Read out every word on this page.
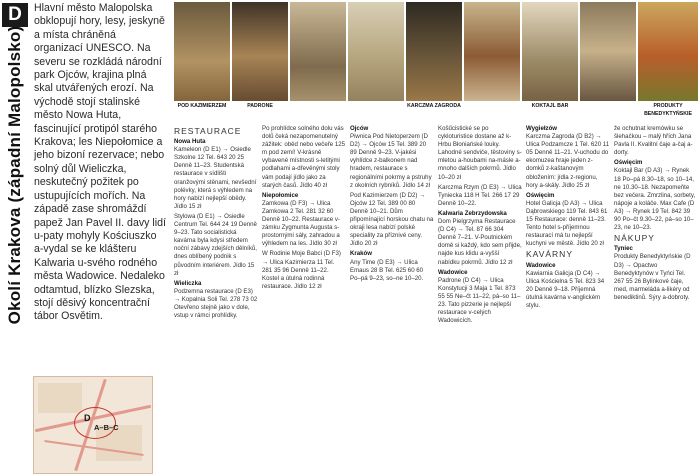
D
Okolí Krakova (západní Malopolsko)

Hlavní město Malopolska obklopují hory, lesy, jeskyně a místa chráněná organizací UNESCO. Na severu se rozkládá národní park Ojców, krajina plná skal utvářených erozí. Na východě stojí stalinské město Nowa Huta, fascinující protipól starého Krakova; les Niepołomice a jeho bizoní rezervace; nebo solný důl Wieliczka, neskutečný požitek po ustupujících mořích. Na západě zase shromáždí papež Jan Pavel II. davy lidí u-paty mohyly Kościuszko a-vydal se ke klášteru Kalwaria u-svého rodného města Wadowice. Nedaleko odtamtud, blízko Slezska, stojí děsivý koncentrační tábor Osvětim.

D
A–B–C
POD KAZIMIERZEM	PADRONE	KARCZMA ZAGRODA	KOKTAJL BAR	PRODUKTY BENEDYKTYŃSKIE
RESTAURACE

Nowa Huta
Kameleon (D E1) → Osiedle Szkolne 12 Tel. 643 20 25 Denně 11–23. Studentská restaurace v sídlišti oranžovými stěnami, nevšední polévky, která s výhledem na hory nabízí nejlepší obědy. Jídlo 15 zł

Stylowa (D E1) → Osiedle Centrum Tel. 644 24 19 Denně 9–23. Tato socialistická kavárna byla kdysi středem noční zábavy zdejších dělníků, dnes oblíbený podnik s původním interiérem. Jídlo 15 zł

Wieliczka
Podzemna restaurace (D E3) → Kopalnia Soli Tel. 278 73 02 Otevřeno stejně jako v dole, vstup v rámci prohlídky.

Po prohlídce solného dolu vás dolů čeká nezapomenutelný zážitek: oběd nebo večeře 125 m pod zemí! V-krásně vybavené místnosti s-letitými podlahami a-dřevěnými stoly vám podají jídlo jako za starých časů. Jídlo 40 zł

Niepołomice
Zamkowa (D F3) → Ulica Zamkowa 2 Tel. 281 32 60 Denně 10–22. Restaurace v-zámku Zygmunta Augusta s-prostornými sály, zahradou a výhledem na les. Jídlo 30 zł

W Rodinie Moje Babci (D F3) → Ulica Kazimierza 11 Tel. 281 35 96 Denně 11–22. Kostel a útulná rodinná restaurace. Jídlo 12 zł

Ojców
Piwnica Pod Nietoperzem (D D2) → Ojców 15 Tel. 389 20 89 Denně 9–23. V-jakési vyhlídce z-balkonem nad hradem, restaurace s regionálními pokrmy a pstruhy z okolních rybníků. Jídlo 14 zł

Pod Kazimierzem (D D2) → Ojców 12 Tel. 389 00 80 Denně 10–21. Dům připomínající horskou chatu na okraji lesa nabízí polské speciality za příznivé ceny. Jídlo 20 zł

Kraków
Any Time (D E3) → Ulica Emaus 28 B Tel. 625 60 60 Po–pá 9–23, so–ne 10–20.

Košűcistické se po cykloturistice dostane až k-Hrbu Błoniańské louky. Lahodné sendviče, těstoviny s-mletou a-houbami na-másle a-mnoho dalších pokrmů. Jídlo 10–20 zł

Karczma Rzym (D E3) → Ulica Tyniecka 118 H Tel. 266 17 29 Denně 10–22.

Kalwaria Zebrzydowska
Dom Pielgrzyma Restaurace (D C4) → Tel. 87 66 304 Denně 7–21. V-Poutnickém domě si každý, kdo sem přijde, najde kus klidu a-vyšší nabídku pokrmů. Jídlo 12 zł

Wadowice
Padrone (D C4) → Ulica Konstytucji 3 Maja 1 Tel. 873 55 55 Ne–čt 11–22, pá–so 11–23. Tato pizzerie je nejlepší restaurace v-celých Wadowicích.

Wygiełzów
Karczma Zagroda (D B2) → Ulica Podzamcze 1 Tel. 620 11 05 Denně 11–21. V-uchodu do ekomuzea hraje jeden z-domků z-kaštanovým obložením: jídla z-regionu, hory a-skály. Jídlo 25 zł

Oświęcim
Hotel Galicja (D A3) → Ulica Dąbrowskiego 119 Tel. 843 61 15 Restaurace: denně 11–23. Tento hotel s-příjemnou restaurací má tu nejlepší kuchyni ve městě. Jídlo 20 zł

KAVÁRNY

Wadowice
Kawiarnia Galicja (D C4) → Ulica Kościelna 5 Tel. 823 34 20 Denně 9–18. Příjemná útulná kavárna v-anglickém stylu.

že ochutnat kremówku se šlehačkou – malý hřích Jana Pavla II. Kvalitní čaje a-čaj a-dorty.

Oświęcim
Koktajl Bar (D A3) → Rynek 18 Po–pá 8.30–18, so 10–14, ne 10.30–18. Nezapomeňte bez večera. Zmrzlina, sorbety, nápoje a koláče. Max Cafe (D A3) → Rynek 19 Tel. 842 39 90 Po–čt 9.30–22, pá–so 10–23, ne 10–23.

NÁKUPY

Tyniec
Produkty Benedyktyńskie (D D3) → Opactwo Benedyktynów v Tyńci Tel. 267 55 26 Bylinkové čaje, med, marmeláda a-likéry od benediktinů. Sýry a-dobroty.
